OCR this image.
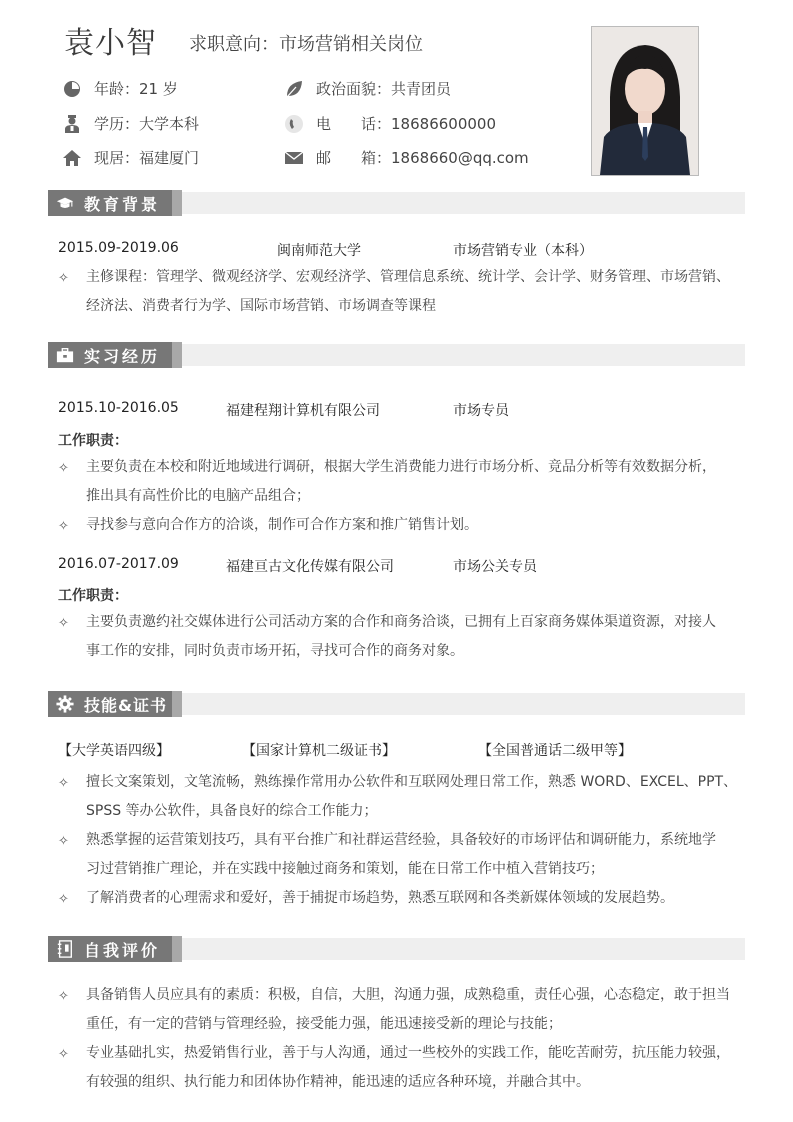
袁小智 求职意向：市场营销相关岗位
年龄：21 岁
学历：大学本科
现居：福建厦门
政治面貌：共青团员
电　　话： 18686600000
邮　　箱： 1868660@qq.com
教育背景
2015.09-2019.06	闽南师范大学	市场营销专业（本科）
✧ 主修课程：管理学、微观经济学、宏观经济学、管理信息系统、统计学、会计学、财务管理、市场营销、
经济法、消费者行为学、国际市场营销、市场调查等课程
实习经历
2015.10-2016.05	福建程翔计算机有限公司	市场专员
工作职责：
✧ 主要负责在本校和附近地域进行调研，根据大学生消费能力进行市场分析、竞品分析等有效数据分析，
推出具有高性价比的电脑产品组合；
✧ 寻找参与意向合作方的洽谈，制作可合作方案和推广销售计划。
2016.07-2017.09	福建亘古文化传媒有限公司	市场公关专员
工作职责：
✧ 主要负责邀约社交媒体进行公司活动方案的合作和商务洽谈，已拥有上百家商务媒体渠道资源，对接人
事工作的安排，同时负责市场开拓，寻找可合作的商务对象。
技能&证书
【大学英语四级】	【国家计算机二级证书】	【全国普通话二级甲等】
✧ 擅长文案策划，文笔流畅，熟练操作常用办公软件和互联网处理日常工作，熟悉 WORD、EXCEL、PPT、
SPSS 等办公软件，具备良好的综合工作能力；
✧ 熟悉掌握的运营策划技巧，具有平台推广和社群运营经验，具备较好的市场评估和调研能力，系统地学
习过营销推广理论，并在实践中接触过商务和策划，能在日常工作中植入营销技巧；
✧ 了解消费者的心理需求和爱好，善于捕捉市场趋势，熟悉互联网和各类新媒体领域的发展趋势。
自我评价
✧ 具备销售人员应具有的素质：积极，自信，大胆，沟通力强，成熟稳重，责任心强，心态稳定，敢于担当
重任，有一定的营销与管理经验，接受能力强，能迅速接受新的理论与技能；
✧ 专业基础扎实，热爱销售行业，善于与人沟通，通过一些校外的实践工作，能吃苦耐劳，抗压能力较强，
有较强的组织、执行能力和团体协作精神，能迅速的适应各种环境，并融合其中。
